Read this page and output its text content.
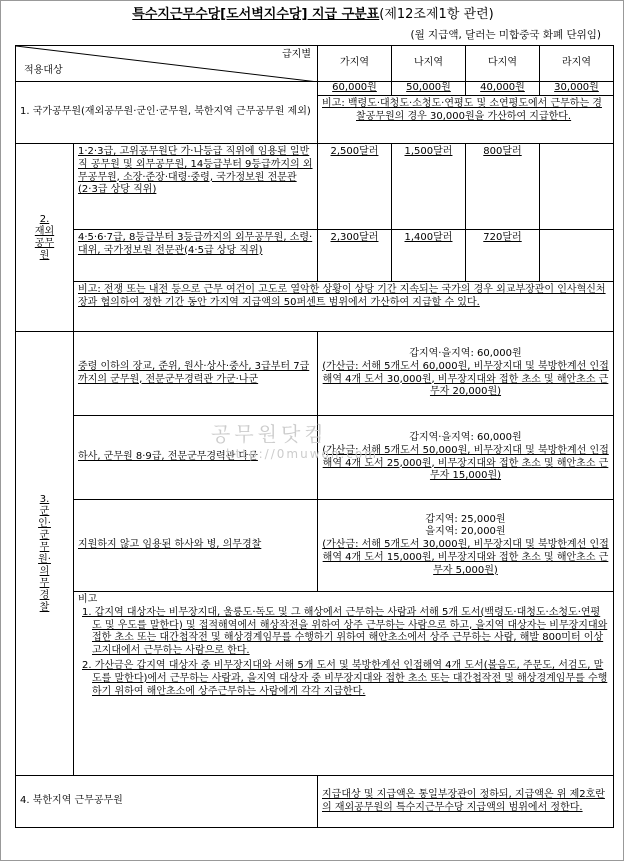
특수지근무수당[도서벽지수당] 지급 구분표(제12조제1항 관련)
(월 지급액, 달러는 미합중국 화폐 단위임)
급지별
적용대상		가지역	나지역	다지역	라지역

1. 국가공무원(재외공무원·군인·군무원, 북한지역 근무공무원 제외)		60,000원	50,000원	40,000원	30,000원

		비고: 백령도·대청도·소청도·연평도 및 소연평도에서 근무하는 경찰공무원의 경우 30,000원을 가산하여 지급한다.			

2. 재외공무원	1·2·3급, 고위공무원단 가·나등급 직위에 임용된 일반직 공무원 및 외무공무원, 14등급부터 9등급까지의 외무공무원, 소장·준장·대령·중령, 국가정보원 전문관(2·3급 상당 직위)	2,500달러	1,500달러	800달러	

	4·5·6·7급, 8등급부터 3등급까지의 외무공무원, 소령·대위, 국가정보원 전문관(4·5급 상당 직위)	2,300달러	1,400달러	720달러	

	비고: 전쟁 또는 내전 등으로 근무 여건이 고도로 열악한 상황이 상당 기간 지속되는 국가의 경우 외교부장관이 인사혁신처장과 협의하여 정한 기간 동안 가지역 지급액의 50퍼센트 범위에서 가산하여 지급할 수 있다.				

3. 군인·군무원·의무경찰	중령 이하의 장교, 준위, 원사·상사·중사, 3급부터 7급까지의 군무원, 전문군무경력관 가군·나군	갑지역·을지역: 60,000원
(가산금: 서해 5개도서 60,000원, 비무장지대 및 북방한계선 인접해역 4개 도서 30,000원, 비무장지대와 접한 초소 및 해안초소 근무자 20,000원)			

	하사, 군무원 8·9급, 전문군무경력관 다군	갑지역·을지역: 60,000원
(가산금: 서해 5개도서 50,000원, 비무장지대 및 북방한계선 인접해역 4개 도서 25,000원, 비무장지대와 접한 초소 및 해안초소 근무자 15,000원)			

	지원하지 않고 임용된 하사와 병, 의무경찰	갑지역: 25,000원
을지역: 20,000원
(가산금: 서해 5개도서 30,000원, 비무장지대 및 북방한계선 인접해역 4개 도서 15,000원, 비무장지대와 접한 초소 및 해안초소 근무자 5,000원)			

	비고

1. 갑지역 대상자는 비무장지대, 울릉도·독도 및 그 해상에서 근무하는 사람과 서해 5개 도서(백령도·대청도·소청도·연평도 및 우도를 말한다) 및 접적해역에서 해상작전을 위하여 상주 근무하는 사람으로 하고, 을지역 대상자는 비무장지대와 접한 초소 또는 대간첩작전 및 해상경계임무를 수행하기 위하여 해안초소에서 상주 근무하는 사람, 해발 800미터 이상 고지대에서 근무하는 사람으로 한다.

2. 가산금은 갑지역 대상자 중 비무장지대와 서해 5개 도서 및 북방한계선 인접해역 4개 도서(볼음도, 주문도, 서검도, 말도를 말한다)에서 근무하는 사람과, 을지역 대상자 중 비무장지대와 접한 초소 또는 대간첩작전 및 해상경계임무를 수행하기 위하여 해안초소에 상주근무하는 사람에게 각각 지급한다.				

4. 북한지역 근무공무원		지급대상 및 지급액은 통일부장관이 정하되, 지급액은 위 제2호란의 재외공무원의 특수지근무수당 지급액의 범위에서 정한다.			
공무원닷컴
http://0muwon.com
